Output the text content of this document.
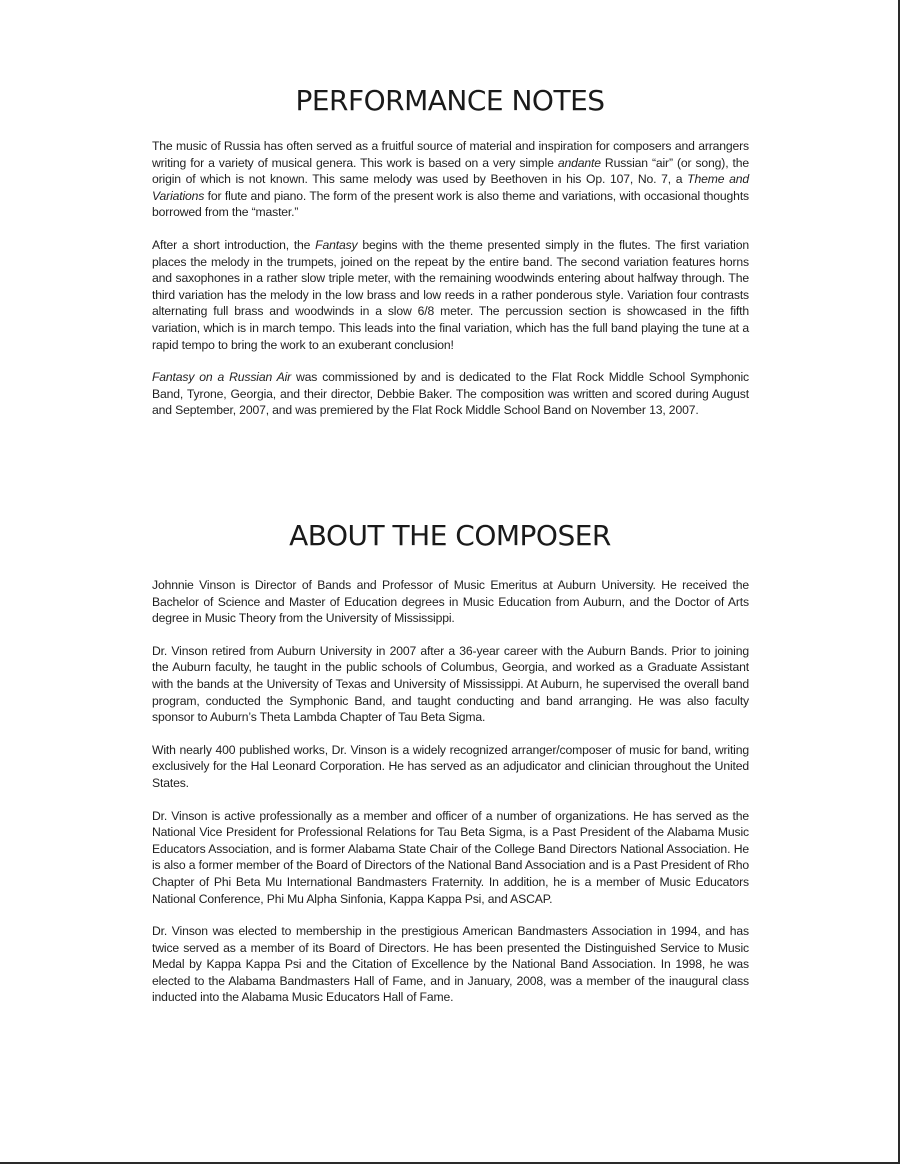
PERFORMANCE NOTES

The music of Russia has often served as a fruitful source of material and inspiration for composers and arrangers writing for a variety of musical genera. This work is based on a very simple andante Russian “air” (or song), the origin of which is not known. This same melody was used by Beethoven in his Op. 107, No. 7, a Theme and Variations for flute and piano. The form of the present work is also theme and variations, with occasional thoughts borrowed from the “master.”

After a short introduction, the Fantasy begins with the theme presented simply in the flutes. The first variation places the melody in the trumpets, joined on the repeat by the entire band. The second variation features horns and saxophones in a rather slow triple meter, with the remaining woodwinds entering about halfway through. The third variation has the melody in the low brass and low reeds in a rather ponderous style. Variation four contrasts alternating full brass and woodwinds in a slow 6/8 meter. The percussion section is showcased in the fifth variation, which is in march tempo. This leads into the final variation, which has the full band playing the tune at a rapid tempo to bring the work to an exuberant conclusion!

Fantasy on a Russian Air was commissioned by and is dedicated to the Flat Rock Middle School Symphonic Band, Tyrone, Georgia, and their director, Debbie Baker. The composition was written and scored during August and September, 2007, and was premiered by the Flat Rock Middle School Band on November 13, 2007.

ABOUT THE COMPOSER

Johnnie Vinson is Director of Bands and Professor of Music Emeritus at Auburn University. He received the Bachelor of Science and Master of Education degrees in Music Education from Auburn, and the Doctor of Arts degree in Music Theory from the University of Mississippi.

Dr. Vinson retired from Auburn University in 2007 after a 36-year career with the Auburn Bands. Prior to joining the Auburn faculty, he taught in the public schools of Columbus, Georgia, and worked as a Graduate Assistant with the bands at the University of Texas and University of Mississippi. At Auburn, he supervised the overall band program, conducted the Symphonic Band, and taught conducting and band arranging. He was also faculty sponsor to Auburn’s Theta Lambda Chapter of Tau Beta Sigma.

With nearly 400 published works, Dr. Vinson is a widely recognized arranger/composer of music for band, writing exclusively for the Hal Leonard Corporation. He has served as an adjudicator and clinician throughout the United States.

Dr. Vinson is active professionally as a member and officer of a number of organizations. He has served as the National Vice President for Professional Relations for Tau Beta Sigma, is a Past President of the Alabama Music Educators Association, and is former Alabama State Chair of the College Band Directors National Association. He is also a former member of the Board of Directors of the National Band Association and is a Past President of Rho Chapter of Phi Beta Mu International Bandmasters Fraternity. In addition, he is a member of Music Educators National Conference, Phi Mu Alpha Sinfonia, Kappa Kappa Psi, and ASCAP.

Dr. Vinson was elected to membership in the prestigious American Bandmasters Association in 1994, and has twice served as a member of its Board of Directors. He has been presented the Distinguished Service to Music Medal by Kappa Kappa Psi and the Citation of Excellence by the National Band Association. In 1998, he was elected to the Alabama Bandmasters Hall of Fame, and in January, 2008, was a member of the inaugural class inducted into the Alabama Music Educators Hall of Fame.
